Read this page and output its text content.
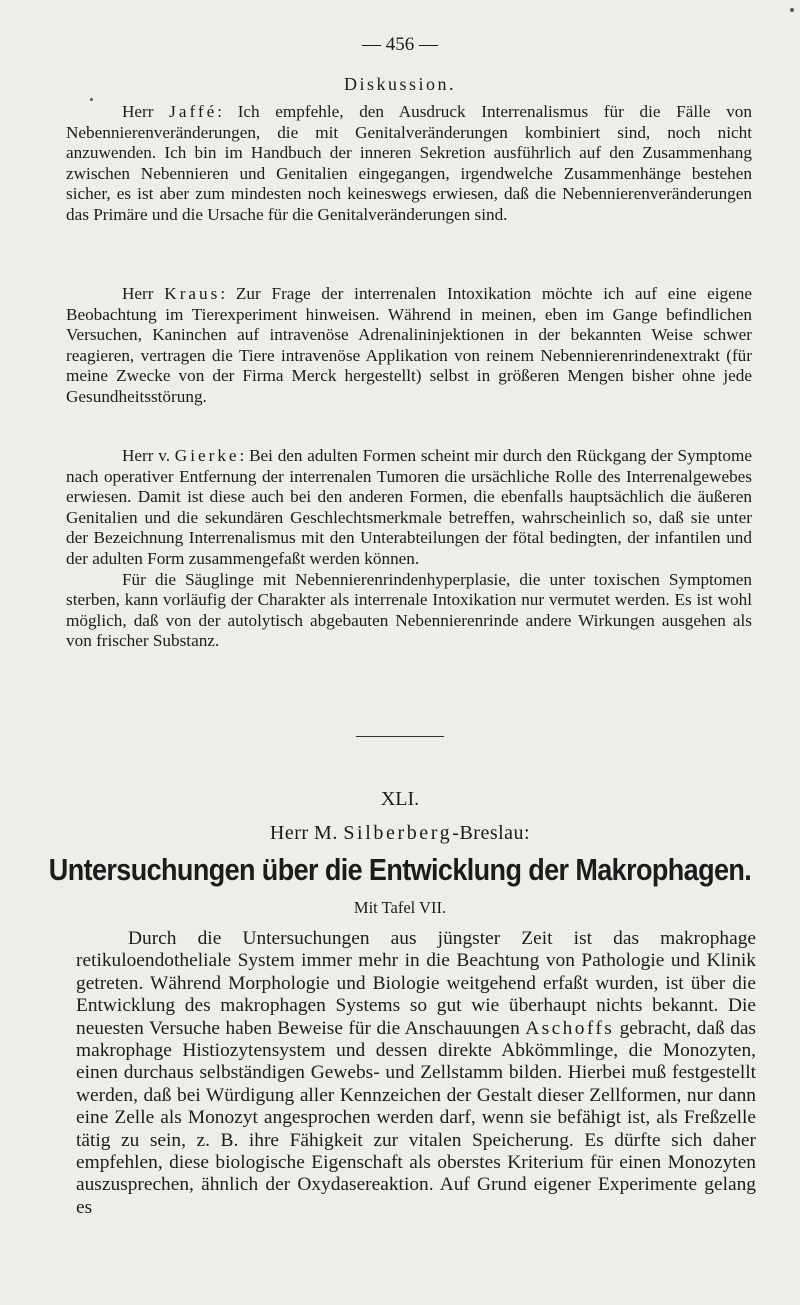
— 456 —
Diskussion.

Herr Jaffé: Ich empfehle, den Ausdruck Interrenalismus für die Fälle von Nebennierenveränderungen, die mit Genitalveränderungen kombiniert sind, noch nicht anzuwenden. Ich bin im Handbuch der inneren Sekretion ausführlich auf den Zusammenhang zwischen Nebennieren und Genitalien eingegangen, irgendwelche Zusammenhänge bestehen sicher, es ist aber zum mindesten noch keineswegs erwiesen, daß die Nebennierenveränderungen das Primäre und die Ursache für die Genitalveränderungen sind.

Herr Kraus: Zur Frage der interrenalen Intoxikation möchte ich auf eine eigene Beobachtung im Tierexperiment hinweisen. Während in meinen, eben im Gange befindlichen Versuchen, Kaninchen auf intravenöse Adrenalininjektionen in der bekannten Weise schwer reagieren, vertragen die Tiere intravenöse Applikation von reinem Nebennierenrindenextrakt (für meine Zwecke von der Firma Merck hergestellt) selbst in größeren Mengen bisher ohne jede Gesundheitsstörung.

Herr v. Gierke: Bei den adulten Formen scheint mir durch den Rückgang der Symptome nach operativer Entfernung der interrenalen Tumoren die ursächliche Rolle des Interrenalgewebes erwiesen. Damit ist diese auch bei den anderen Formen, die ebenfalls hauptsächlich die äußeren Genitalien und die sekundären Geschlechtsmerkmale betreffen, wahrscheinlich so, daß sie unter der Bezeichnung Interrenalismus mit den Unterabteilungen der fötal bedingten, der infantilen und der adulten Form zusammengefaßt werden können.

Für die Säuglinge mit Nebennierenrindenhyperplasie, die unter toxischen Symptomen sterben, kann vorläufig der Charakter als interrenale Intoxikation nur vermutet werden. Es ist wohl möglich, daß von der autolytisch abgebauten Nebennierenrinde andere Wirkungen ausgehen als von frischer Substanz.

XLI.
Herr M. Silberberg-Breslau:
Untersuchungen über die Entwicklung der Makrophagen.
Mit Tafel VII.

Durch die Untersuchungen aus jüngster Zeit ist das makrophage retikuloendotheliale System immer mehr in die Beachtung von Pathologie und Klinik getreten. Während Morphologie und Biologie weitgehend erfaßt wurden, ist über die Entwicklung des makrophagen Systems so gut wie überhaupt nichts bekannt. Die neuesten Versuche haben Beweise für die Anschauungen Aschoffs gebracht, daß das makrophage Histiozytensystem und dessen direkte Abkömmlinge, die Monozyten, einen durchaus selbständigen Gewebs- und Zellstamm bilden. Hierbei muß festgestellt werden, daß bei Würdigung aller Kennzeichen der Gestalt dieser Zellformen, nur dann eine Zelle als Monozyt angesprochen werden darf, wenn sie befähigt ist, als Freßzelle tätig zu sein, z. B. ihre Fähigkeit zur vitalen Speicherung. Es dürfte sich daher empfehlen, diese biologische Eigenschaft als oberstes Kriterium für einen Monozyten auszusprechen, ähnlich der Oxydasereaktion. Auf Grund eigener Experimente gelang es
